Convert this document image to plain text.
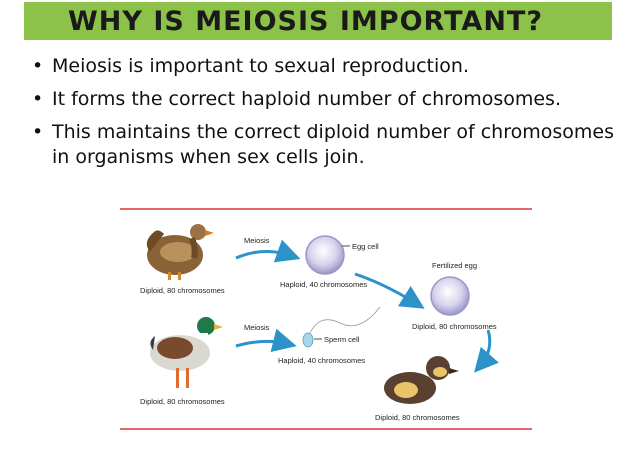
WHY IS MEIOSIS IMPORTANT?
• Meiosis is important to sexual reproduction.
• It forms the correct haploid number of chromosomes.
• This maintains the correct diploid number of chromosomes in organisms when sex cells join.
Diploid, 80 chromosomes
Diploid, 80 chromosomes
Meiosis
Egg cell
Haploid, 40 chromosomes
Fertilized egg
Diploid, 80 chromosomes
Meiosis
Sperm cell
Haploid, 40 chromosomes
Diploid, 80 chromosomes
